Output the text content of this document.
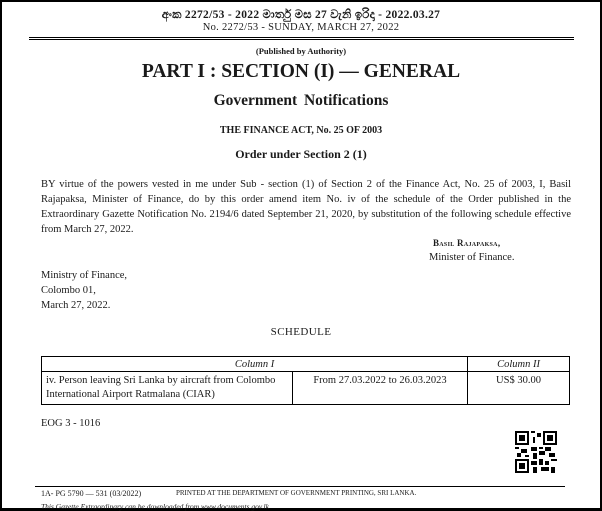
අංක 2272/53 - 2022 මාර්තු මස 27 වැනි ඉරිදා - 2022.03.27
No. 2272/53 - SUNDAY, MARCH 27, 2022
(Published by Authority)
PART I : SECTION (I) — GENERAL
Government Notifications
THE FINANCE ACT, No. 25 OF 2003
Order under Section 2 (1)
BY virtue of the powers vested in me under Sub - section (1) of Section 2 of the Finance Act, No. 25 of 2003, I, Basil Rajapaksa, Minister of Finance, do by this order amend item No. iv of the schedule of the Order published in the Extraordinary Gazette Notification No. 2194/6 dated September 21, 2020, by substitution of the following schedule effective from March 27, 2022.
Basil Rajapaksa,
Minister of Finance.
Ministry of Finance,
Colombo 01,
March 27, 2022.
SCHEDULE
Column I		Column II
iv. Person leaving Sri Lanka by aircraft from Colombo International Airport Ratmalana (CIAR)	From 27.03.2022 to 26.03.2023	US$ 30.00
EOG 3 - 1016
1A- PG 5790 — 531 (03/2022)	PRINTED AT THE DEPARTMENT OF GOVERNMENT PRINTING, SRI LANKA.
This Gazette Extraordinary can be downloaded from www.documents.gov.lk
